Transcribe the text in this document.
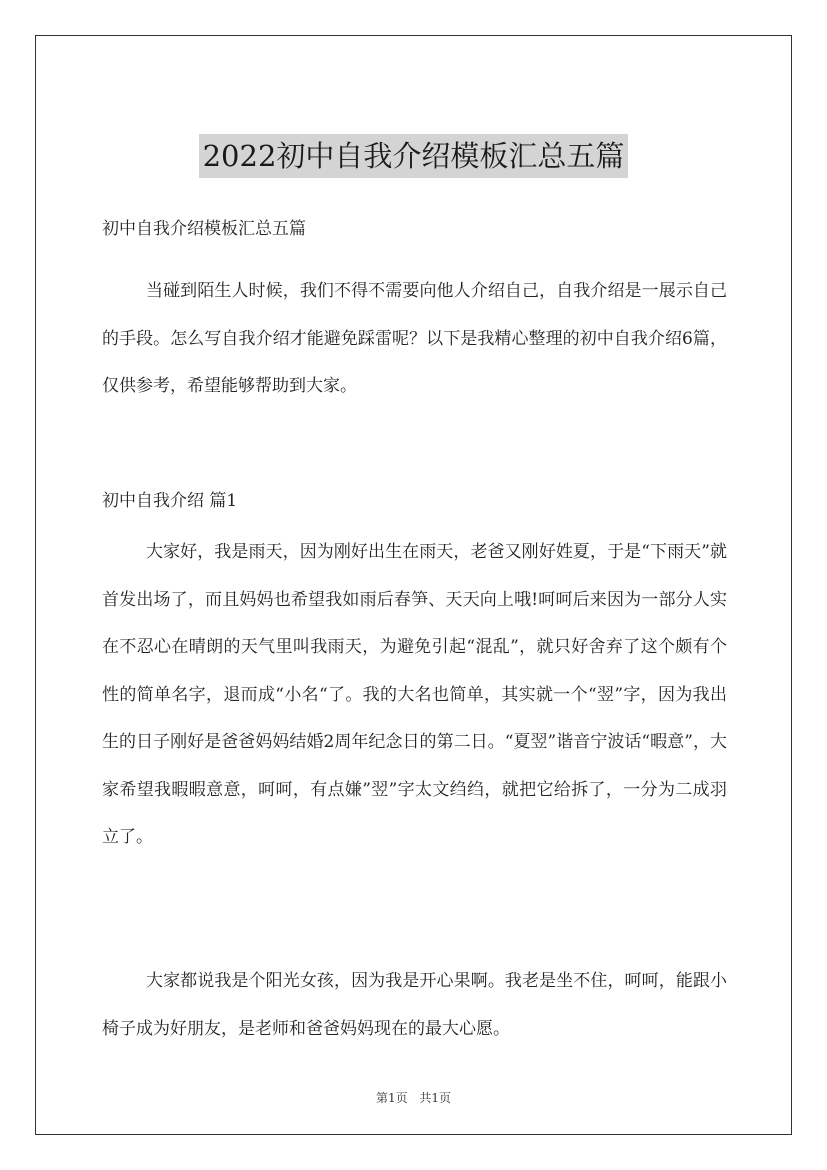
2022初中自我介绍模板汇总五篇
初中自我介绍模板汇总五篇

当碰到陌生人时候，我们不得不需要向他人介绍自己，自我介绍是一展示自己的手段。怎么写自我介绍才能避免踩雷呢？以下是我精心整理的初中自我介绍6篇，仅供参考，希望能够帮助到大家。

初中自我介绍 篇1

大家好，我是雨天，因为刚好出生在雨天，老爸又刚好姓夏，于是“下雨天”就首发出场了，而且妈妈也希望我如雨后春笋、天天向上哦!呵呵后来因为一部分人实在不忍心在晴朗的天气里叫我雨天，为避免引起“混乱”，就只好舍弃了这个颇有个性的简单名字，退而成“小名“了。我的大名也简单，其实就一个“翌”字，因为我出生的日子刚好是爸爸妈妈结婚2周年纪念日的第二日。“夏翌”谐音宁波话“暇意”，大家希望我暇暇意意，呵呵，有点嫌”翌”字太文绉绉，就把它给拆了，一分为二成羽立了。

大家都说我是个阳光女孩，因为我是开心果啊。我老是坐不住，呵呵，能跟小椅子成为好朋友，是老师和爸爸妈妈现在的最大心愿。

第1页 共1页
